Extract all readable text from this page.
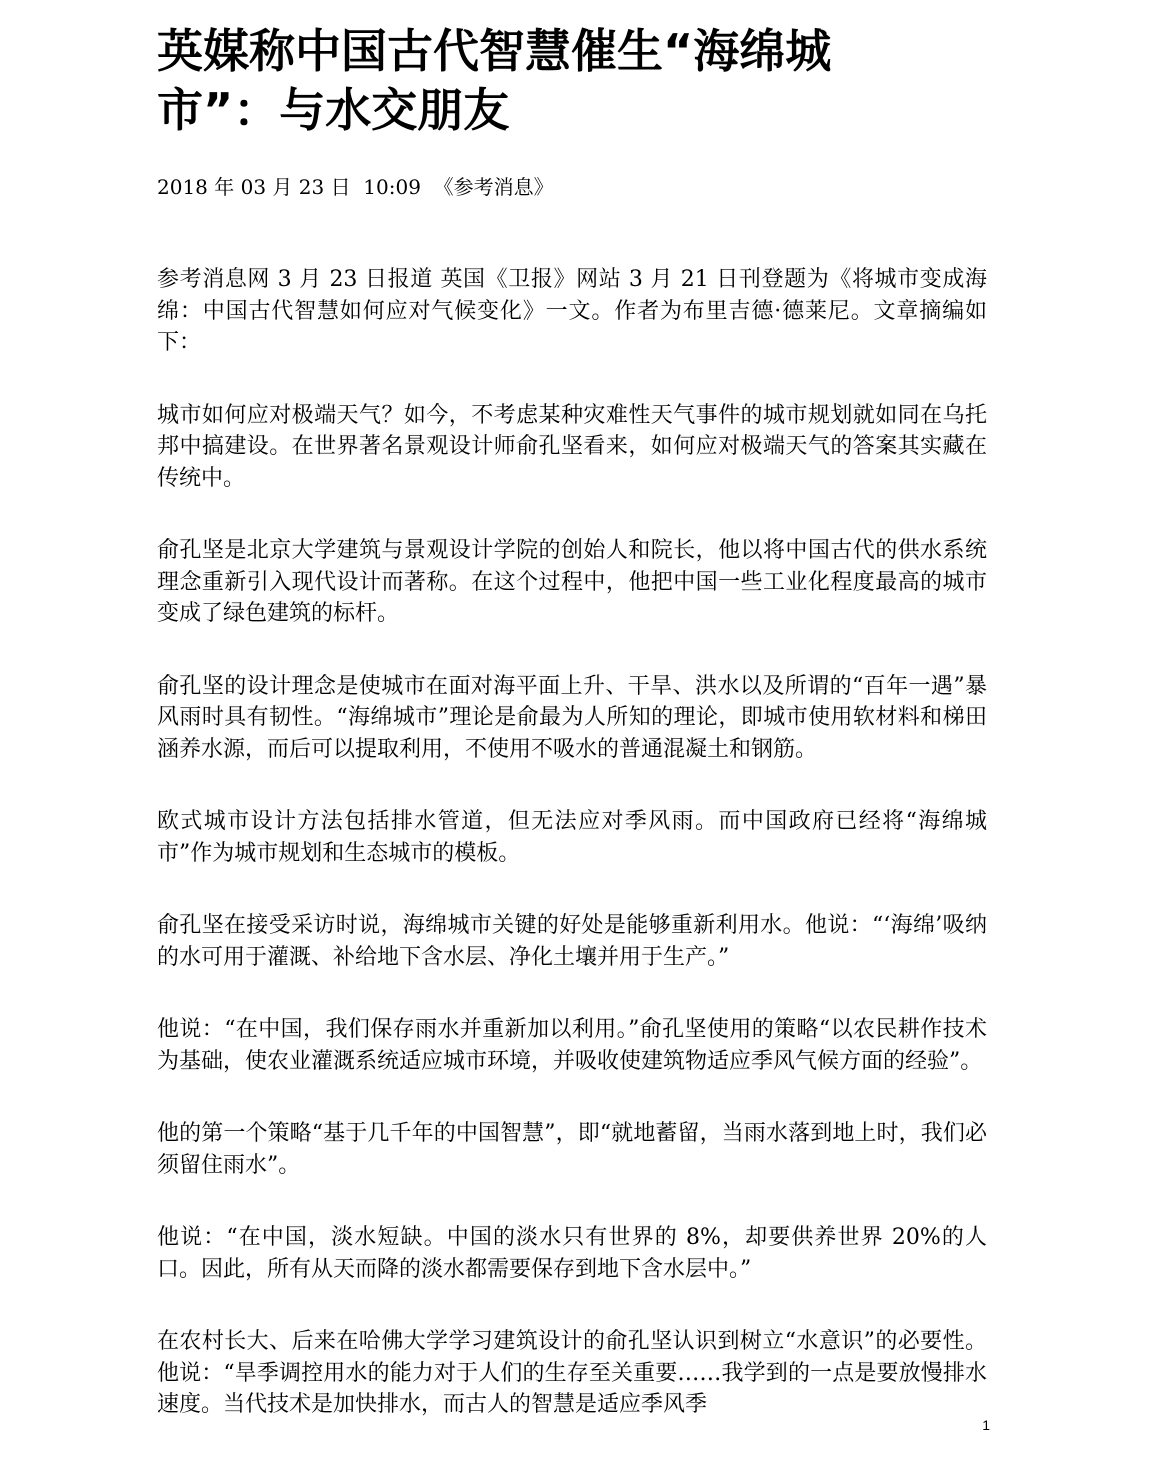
英媒称中国古代智慧催生“海绵城市”：与水交朋友
2018 年 03 月 23 日  10:09  《参考消息》

参考消息网 3 月 23 日报道 英国《卫报》网站 3 月 21 日刊登题为《将城市变成海绵：中国古代智慧如何应对气候变化》一文。作者为布里吉德·德莱尼。文章摘编如下：

城市如何应对极端天气？如今，不考虑某种灾难性天气事件的城市规划就如同在乌托邦中搞建设。在世界著名景观设计师俞孔坚看来，如何应对极端天气的答案其实藏在传统中。

俞孔坚是北京大学建筑与景观设计学院的创始人和院长，他以将中国古代的供水系统理念重新引入现代设计而著称。在这个过程中，他把中国一些工业化程度最高的城市变成了绿色建筑的标杆。

俞孔坚的设计理念是使城市在面对海平面上升、干旱、洪水以及所谓的“百年一遇”暴风雨时具有韧性。“海绵城市”理论是俞最为人所知的理论，即城市使用软材料和梯田涵养水源，而后可以提取利用，不使用不吸水的普通混凝土和钢筋。

欧式城市设计方法包括排水管道，但无法应对季风雨。而中国政府已经将“海绵城市”作为城市规划和生态城市的模板。

俞孔坚在接受采访时说，海绵城市关键的好处是能够重新利用水。他说：“‘海绵’吸纳的水可用于灌溉、补给地下含水层、净化土壤并用于生产。”

他说：“在中国，我们保存雨水并重新加以利用。”俞孔坚使用的策略“以农民耕作技术为基础，使农业灌溉系统适应城市环境，并吸收使建筑物适应季风气候方面的经验”。

他的第一个策略“基于几千年的中国智慧”，即“就地蓄留，当雨水落到地上时，我们必须留住雨水”。

他说：“在中国，淡水短缺。中国的淡水只有世界的 8%，却要供养世界 20%的人口。因此，所有从天而降的淡水都需要保存到地下含水层中。”

在农村长大、后来在哈佛大学学习建筑设计的俞孔坚认识到树立“水意识”的必要性。他说：“旱季调控用水的能力对于人们的生存至关重要……我学到的一点是要放慢排水速度。当代技术是加快排水，而古人的智慧是适应季风季

1
